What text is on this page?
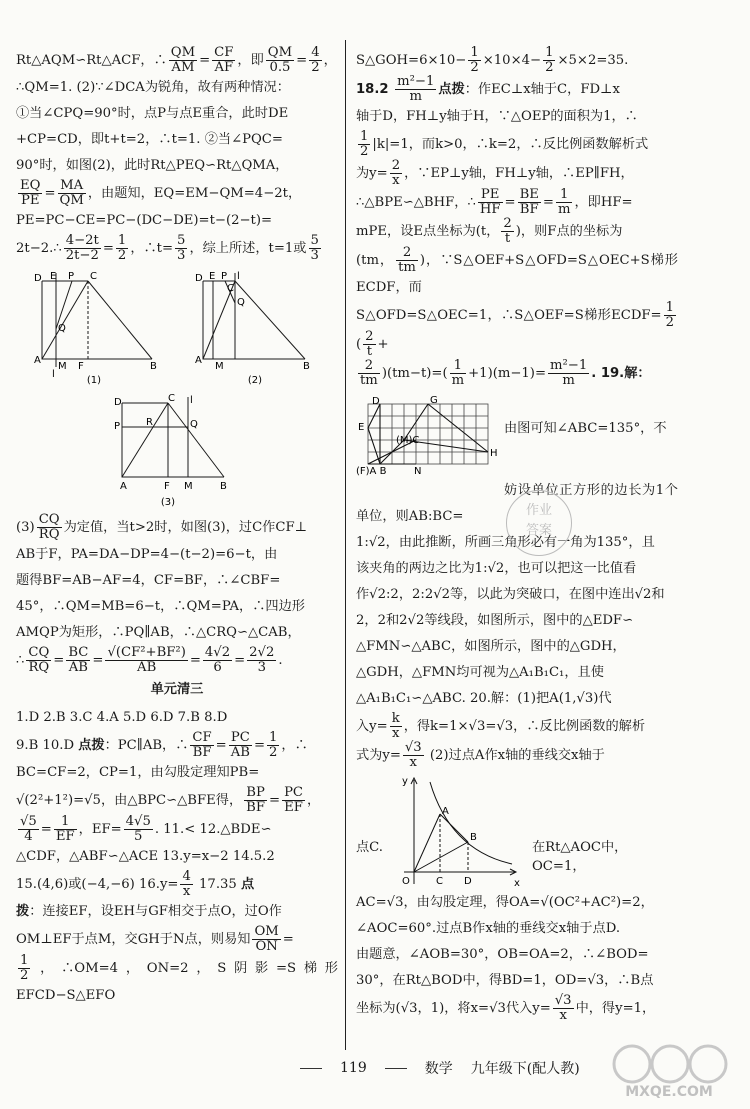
Rt△AQM∽Rt△ACF，∴ $\frac{QM}{AM} = \frac{CF}{AF}$ ，即 $\frac{QM}{0.5} = \frac{4}{2}$ ，

∴QM=1. (2)∵∠DCA为锐角，故有两种情况：

①当∠CPQ=90°时，点P与点E重合，此时DE

+CP=CD，即t+t=2，∴t=1. ②当∠PQC=

90°时，如图(2)，此时Rt△PEQ∽Rt△QMA，

$\frac{EQ}{PE} = \frac{MA}{QM}$ ，由题知，EQ=EM−QM=4−2t，

PE=PC−CE=PC−(DC−DE)=t−(2−t)=

2t−2.∴ $\frac{4-2t}{2t-2} = \frac{1}{2}$ ，∴t= $\frac{5}{3}$ ，综上所述，t=1或 $\frac{5}{3}$

D E P C
Q
A
M F	B
l
(1)
D E P
C
l
Q
A
M	B
(2)
D	C l
P	R	Q
A	F M	B
(3)

$(3) \frac{CQ}{RQ}$ 为定值，当t>2时，如图(3)，过C作CF⊥

AB于F，PA=DA−DP=4−(t−2)=6−t，由

题得BF=AB−AF=4，CF=BF，∴∠CBF=

45°，∴QM=MB=6−t，∴QM=PA，∴四边形

AMQP为矩形，∴PQ∥AB，∴△CRQ∽△CAB，

∴ $\frac{CQ}{RQ} = \frac{BC}{AB} = \frac{\text{√(CF²+BF²)}}{AB} = \frac{4√2}{6} = \frac{2√2}{3}$ .

单元清三

1.D 2.B 3.C 4.A 5.D 6.D 7.B 8.D

9.B 10.D 点拨：PC∥AB，∴ $\frac{CF}{BF} = \frac{PC}{AB} = \frac{1}{2}$ ，∴

BC=CF=2，CP=1，由勾股定理知PB=

√(2²+1²)=√5，由△BPC∽△BFE得， $\frac{BP}{BF} = \frac{PC}{EF}$ ，

$\frac{√5}{4} = \frac{1}{EF}$ ，$EF= \frac{4√5}{5}$ . 11.< 12.△BDE∽

△CDF，△ABF∽△ACE 13.y=x−2 14.5.2

15.(4,6)或(−4,−6) $16.y= \frac{4}{x} 17.35$ 点

拨：连接EF，设EH与GF相交于点O，过O作

OM⊥EF于点M，交GH于N点，则易知 $\frac{OM}{ON}$ =

$\frac{1}{2}$ ，∴OM=4，ON=2，S阴影=S梯形EFCD−S△EFO

S△GOH=6×10− $\frac{1}{2} \times 10\times 4- \frac{1}{2} \times 5\times 2=35$.

$18.2 \frac{\text{m²−1}}{m}$ 点拨：作EC⊥x轴于C，FD⊥x

轴于D，FH⊥y轴于H，∵△OEP的面积为1，∴

$\frac{1}{2} |k|=1$，而k>0，∴k=2，∴反比例函数解析式

为$y= \frac{2}{x}$ ，∵EP⊥y轴，FH⊥y轴，∴EP∥FH，

∴△BPE∽△BHF，∴ $\frac{PE}{HF} = \frac{BE}{BF} = \frac{1}{m}$ ，即HF=

mPE，设E点坐标为(t， $\frac{2}{t}$ )，则F点的坐标为

(tm， $\frac{2}{tm}$ )，∵S△OEF+S△OFD=S△OEC+S梯形ECDF，而

S△OFD=S△OEC=1，∴S△OEF=S梯形ECDF= $\frac{1}{2}$
( $\frac{2}{t}$ +

$\frac{2}{tm} )(tm-t)=( \frac{1}{m} +1)(m-1)= \frac{\text{m²−1}}{m}$ . 19.解：

D	G
E
(M)C
H
(F)A B	N
作业
答案

由图可知∠ABC=135°，不

妨设单位正方形的边长为1个单位，则AB:BC=

1:√2，由此推断，所画三角形必有一角为135°，且

该夹角的两边之比为1:√2，也可以把这一比值看

作√2:2，2:2√2等，以此为突破口，在图中连出√2和

2，2和2√2等线段，如图所示，图中的△EDF∽

△FMN∽△ABC，如图所示，图中的△GDH，

△GDH，△FMN均可视为△A₁B₁C₁，且使

△A₁B₁C₁∽△ABC. 20.解：(1)把A(1,√3)代

入$y= \frac{k}{x}$ ，得k=1×√3=√3，∴反比例函数的解析

式为$y= \frac{√3}{x} (2)$过点A作x轴的垂线交x轴于

y
x
O
A
B
C D
点C.	在Rt△AOC中，OC=1，

AC=√3，由勾股定理，得OA=√(OC²+AC²)=2，

∠AOC=60°.过点B作x轴的垂线交x轴于点D.

由题意，∠AOB=30°，OB=OA=2，∴∠BOD=

30°，在Rt△BOD中，得BD=1，OD=√3，∴B点

坐标为(√3，1)，将x=√3代入$y= \frac{√3}{x}$ 中，得y=1，

119	数学 九年级下(配人教)
MXQE.COM
